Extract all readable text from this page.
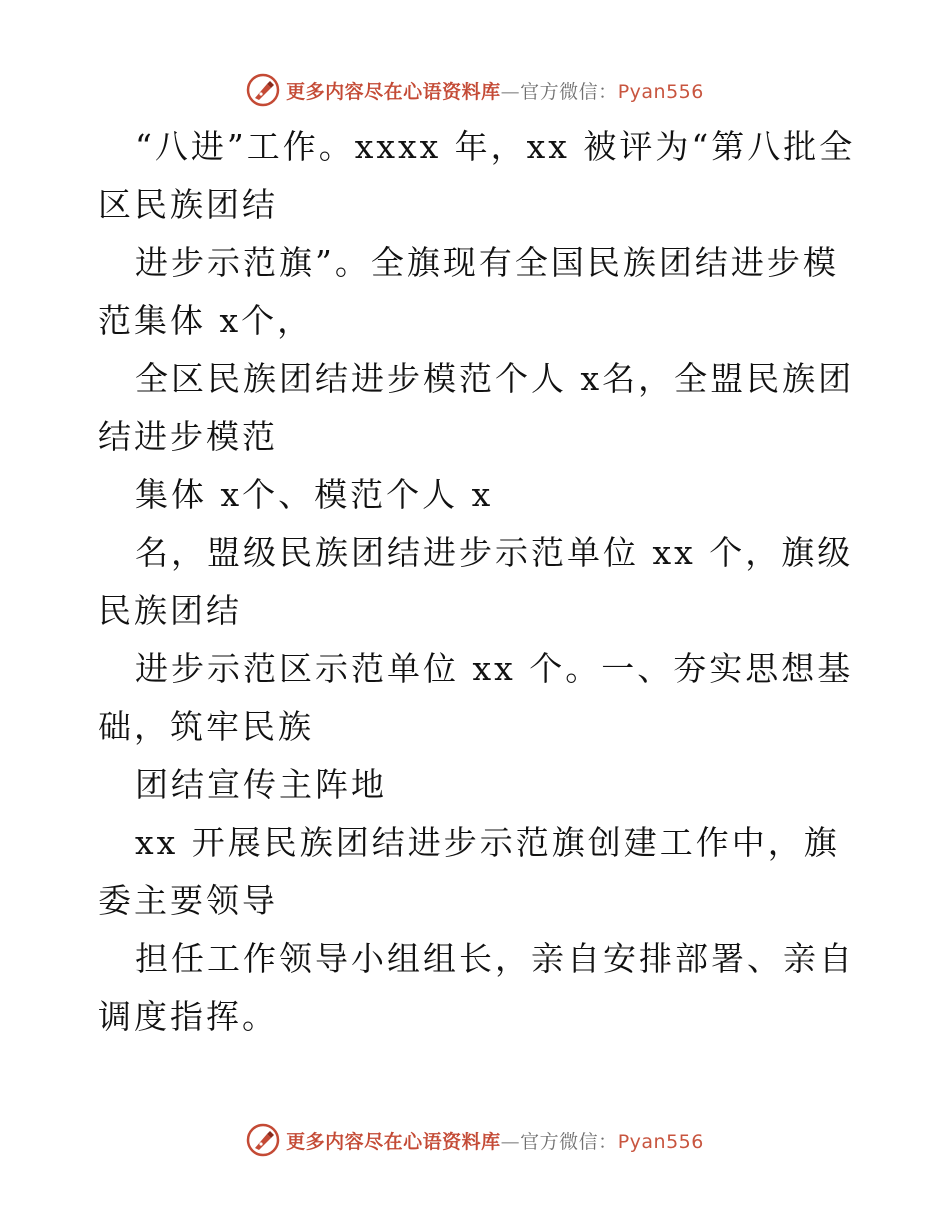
更多内容尽在心语资料库—官方微信：Pyan556

“八进”工作。xxxx 年，xx 被评为“第八批全区民族团结

进步示范旗”。全旗现有全国民族团结进步模范集体 x个，

全区民族团结进步模范个人 x名，全盟民族团结进步模范

集体 x个、模范个人 x

名，盟级民族团结进步示范单位 xx 个，旗级民族团结

进步示范区示范单位 xx 个。一、夯实思想基础，筑牢民族

团结宣传主阵地

xx 开展民族团结进步示范旗创建工作中，旗委主要领导

担任工作领导小组组长，亲自安排部署、亲自调度指挥。

更多内容尽在心语资料库—官方微信：Pyan556
